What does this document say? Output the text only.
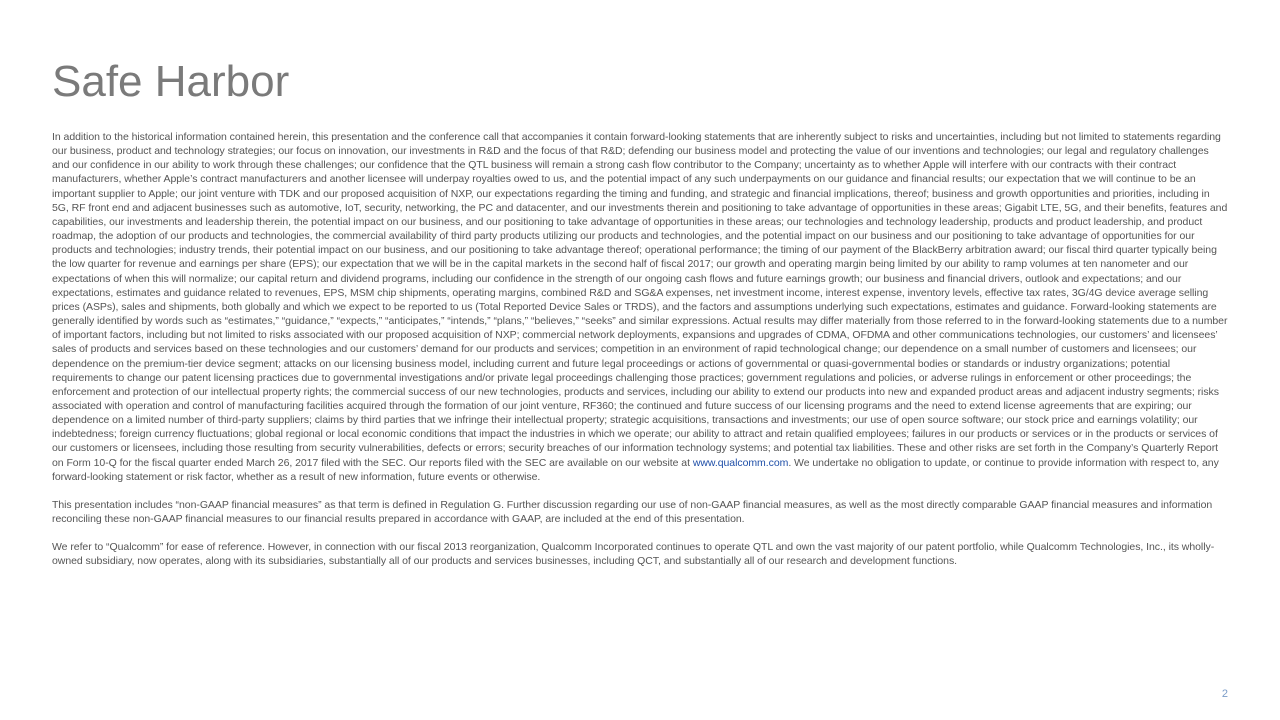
Safe Harbor

In addition to the historical information contained herein, this presentation and the conference call that accompanies it contain forward-looking statements that are inherently subject to risks and uncertainties, including but not limited to statements regarding our business, product and technology strategies; our focus on innovation, our investments in R&D and the focus of that R&D; defending our business model and protecting the value of our inventions and technologies; our legal and regulatory challenges and our confidence in our ability to work through these challenges; our confidence that the QTL business will remain a strong cash flow contributor to the Company; uncertainty as to whether Apple will interfere with our contracts with their contract manufacturers, whether Apple’s contract manufacturers and another licensee will underpay royalties owed to us, and the potential impact of any such underpayments on our guidance and financial results; our expectation that we will continue to be an important supplier to Apple; our joint venture with TDK and our proposed acquisition of NXP, our expectations regarding the timing and funding, and strategic and financial implications, thereof; business and growth opportunities and priorities, including in 5G, RF front end and adjacent businesses such as automotive, IoT, security, networking, the PC and datacenter, and our investments therein and positioning to take advantage of opportunities in these areas; Gigabit LTE, 5G, and their benefits, features and capabilities, our investments and leadership therein, the potential impact on our business, and our positioning to take advantage of opportunities in these areas; our technologies and technology leadership, products and product leadership, and product roadmap, the adoption of our products and technologies, the commercial availability of third party products utilizing our products and technologies, and the potential impact on our business and our positioning to take advantage of opportunities for our products and technologies; industry trends, their potential impact on our business, and our positioning to take advantage thereof; operational performance; the timing of our payment of the BlackBerry arbitration award; our fiscal third quarter typically being the low quarter for revenue and earnings per share (EPS); our expectation that we will be in the capital markets in the second half of fiscal 2017; our growth and operating margin being limited by our ability to ramp volumes at ten nanometer and our expectations of when this will normalize; our capital return and dividend programs, including our confidence in the strength of our ongoing cash flows and future earnings growth; our business and financial drivers, outlook and expectations; and our expectations, estimates and guidance related to revenues, EPS, MSM chip shipments, operating margins, combined R&D and SG&A expenses, net investment income, interest expense, inventory levels, effective tax rates, 3G/4G device average selling prices (ASPs), sales and shipments, both globally and which we expect to be reported to us (Total Reported Device Sales or TRDS), and the factors and assumptions underlying such expectations, estimates and guidance. Forward-looking statements are generally identified by words such as “estimates,” “guidance,” “expects,” “anticipates,” “intends,” “plans,” “believes,” “seeks” and similar expressions. Actual results may differ materially from those referred to in the forward-looking statements due to a number of important factors, including but not limited to risks associated with our proposed acquisition of NXP; commercial network deployments, expansions and upgrades of CDMA, OFDMA and other communications technologies, our customers’ and licensees’ sales of products and services based on these technologies and our customers’ demand for our products and services; competition in an environment of rapid technological change; our dependence on a small number of customers and licensees; our dependence on the premium-tier device segment; attacks on our licensing business model, including current and future legal proceedings or actions of governmental or quasi-governmental bodies or standards or industry organizations; potential requirements to change our patent licensing practices due to governmental investigations and/or private legal proceedings challenging those practices; government regulations and policies, or adverse rulings in enforcement or other proceedings; the enforcement and protection of our intellectual property rights; the commercial success of our new technologies, products and services, including our ability to extend our products into new and expanded product areas and adjacent industry segments; risks associated with operation and control of manufacturing facilities acquired through the formation of our joint venture, RF360; the continued and future success of our licensing programs and the need to extend license agreements that are expiring; our dependence on a limited number of third-party suppliers; claims by third parties that we infringe their intellectual property; strategic acquisitions, transactions and investments; our use of open source software; our stock price and earnings volatility; our indebtedness; foreign currency fluctuations; global regional or local economic conditions that impact the industries in which we operate; our ability to attract and retain qualified employees; failures in our products or services or in the products or services of our customers or licensees, including those resulting from security vulnerabilities, defects or errors; security breaches of our information technology systems; and potential tax liabilities. These and other risks are set forth in the Company’s Quarterly Report on Form 10-Q for the fiscal quarter ended March 26, 2017 filed with the SEC. Our reports filed with the SEC are available on our website at www.qualcomm.com. We undertake no obligation to update, or continue to provide information with respect to, any forward-looking statement or risk factor, whether as a result of new information, future events or otherwise.

This presentation includes “non-GAAP financial measures” as that term is defined in Regulation G. Further discussion regarding our use of non-GAAP financial measures, as well as the most directly comparable GAAP financial measures and information reconciling these non-GAAP financial measures to our financial results prepared in accordance with GAAP, are included at the end of this presentation.

We refer to “Qualcomm” for ease of reference. However, in connection with our fiscal 2013 reorganization, Qualcomm Incorporated continues to operate QTL and own the vast majority of our patent portfolio, while Qualcomm Technologies, Inc., its wholly-owned subsidiary, now operates, along with its subsidiaries, substantially all of our products and services businesses, including QCT, and substantially all of our research and development functions.

2
